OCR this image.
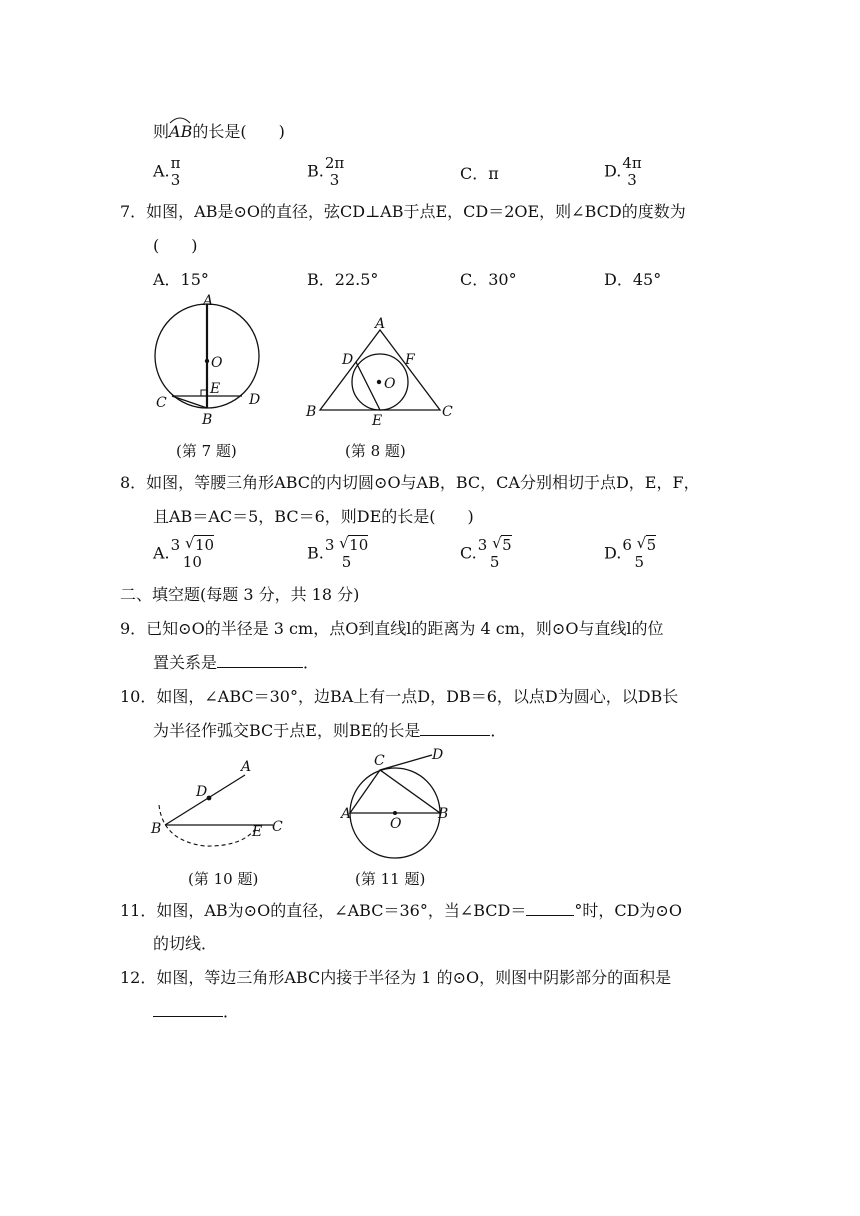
则
AB的长是(　　)
A. π
3	B. 2π
3	C．π	D. 4π
3
7．如图，AB是⊙O的直径，弦CD⊥AB于点E，CD＝2OE，则∠BCD的度数为
(　　)
A．15°	B．22.5°	C．30°	D．45°
A
O
E
C	D
B
A
D	F
O
B
E
C
(第 7 题)	(第 8 题)
8．如图，等腰三角形ABC的内切圆⊙O与AB，BC，CA分别相切于点D，E，F，
且AB＝AC＝5，BC＝6，则DE的长是(　　)
A. 3 √ 10
10	B. 3 √ 10
5	C. 3 √ 5
5	D. 6 √ 5
5
二、填空题(每题 3 分，共 18 分)
9．已知⊙O的半径是 3 cm，点O到直线l的距离为 4 cm，则⊙O与直线l的位
置关系是	．
10．如图，∠ABC＝30°，边BA上有一点D，DB＝6，以点D为圆心，以DB长
为半径作弧交BC于点E，则BE的长是	．
A
D
B	E C
C	D
A
O
B
(第 10 题)	(第 11 题)
11．如图，AB为⊙O的直径，∠ABC＝36°，当∠BCD＝	°时，CD为⊙O
的切线．
12．如图，等边三角形ABC内接于半径为 1 的⊙O，则图中阴影部分的面积是
．
